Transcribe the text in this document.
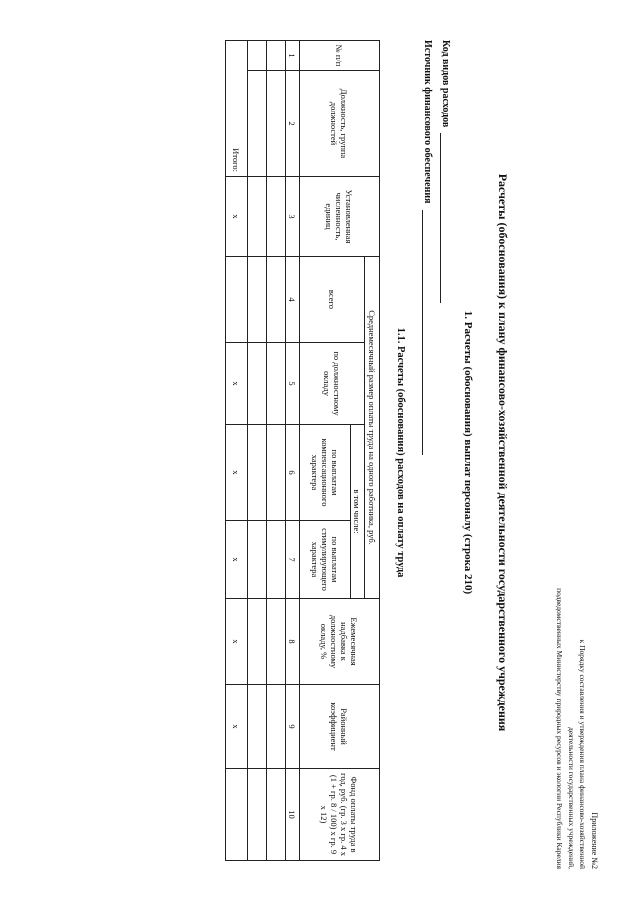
Приложение №2
к Порядку составления и утверждения плана финансово-хозяйственной
деятельности государственных учреждений,
подведомственных Министерству природных ресурсов и экологии Республики Карелия
Расчеты (обоснования) к плану финансово-хозяйственной деятельности государственного учреждения
1. Расчеты (обоснования) выплат персоналу (строка 210)
Код видов расходов
Источник финансового обеспечения
1.1. Расчеты (обоснования) расходов на оплату труда
№ п/п	Должность, группа должностей	Установленная численность, единиц	Среднемесячный размер оплаты труда на одного работника, руб.				Ежемесячная надбавка к должностному окладу, %	Районный коэффициент	Фонд оплаты труда в год, руб. (гр. 3 х гр. 4 х (1 + гр. 8 / 100) х гр. 9 х 12)
			всего	по должностному окладу	в том числе:				
					по выплатам компенсационного характера	по выплатам стимулирующего характера			
1	2	3	4	5	6	7	8	9	10

Итого:		x		x	x	x	x	x	
